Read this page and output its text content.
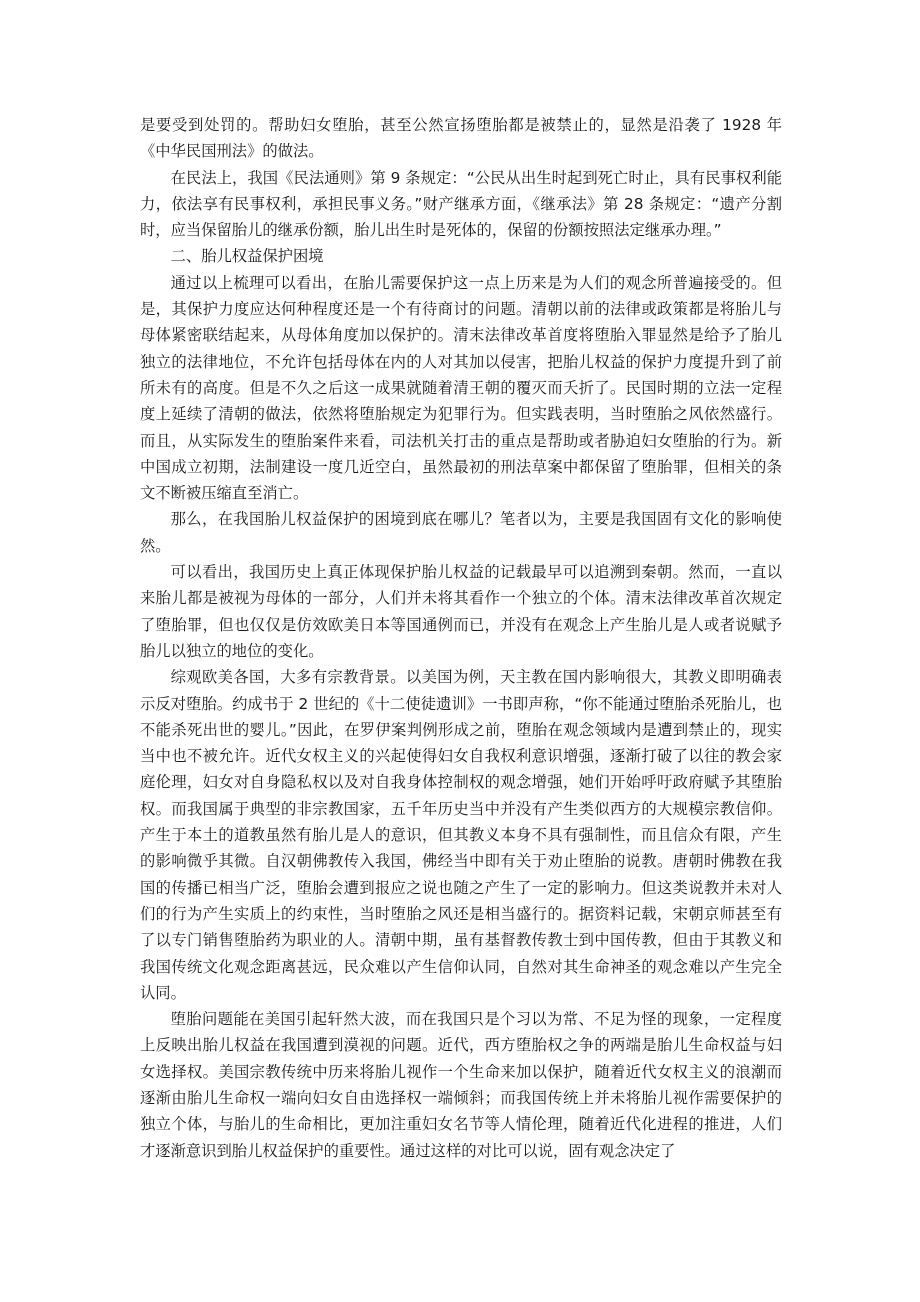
是要受到处罚的。帮助妇女堕胎，甚至公然宣扬堕胎都是被禁止的，显然是沿袭了 1928 年《中华民国刑法》的做法。

在民法上，我国《民法通则》第 9 条规定：“公民从出生时起到死亡时止，具有民事权利能力，依法享有民事权利，承担民事义务。”财产继承方面，《继承法》第 28 条规定：“遗产分割时，应当保留胎儿的继承份额，胎儿出生时是死体的，保留的份额按照法定继承办理。”

二、胎儿权益保护困境

通过以上梳理可以看出，在胎儿需要保护这一点上历来是为人们的观念所普遍接受的。但是，其保护力度应达何种程度还是一个有待商讨的问题。清朝以前的法律或政策都是将胎儿与母体紧密联结起来，从母体角度加以保护的。清末法律改革首度将堕胎入罪显然是给予了胎儿独立的法律地位，不允许包括母体在内的人对其加以侵害，把胎儿权益的保护力度提升到了前所未有的高度。但是不久之后这一成果就随着清王朝的覆灭而夭折了。民国时期的立法一定程度上延续了清朝的做法，依然将堕胎规定为犯罪行为。但实践表明，当时堕胎之风依然盛行。而且，从实际发生的堕胎案件来看，司法机关打击的重点是帮助或者胁迫妇女堕胎的行为。新中国成立初期，法制建设一度几近空白，虽然最初的刑法草案中都保留了堕胎罪，但相关的条文不断被压缩直至消亡。

那么，在我国胎儿权益保护的困境到底在哪儿？笔者以为，主要是我国固有文化的影响使然。

可以看出，我国历史上真正体现保护胎儿权益的记载最早可以追溯到秦朝。然而，一直以来胎儿都是被视为母体的一部分，人们并未将其看作一个独立的个体。清末法律改革首次规定了堕胎罪，但也仅仅是仿效欧美日本等国通例而已，并没有在观念上产生胎儿是人或者说赋予胎儿以独立的地位的变化。

综观欧美各国，大多有宗教背景。以美国为例，天主教在国内影响很大，其教义即明确表示反对堕胎。约成书于 2 世纪的《十二使徒遗训》一书即声称，“你不能通过堕胎杀死胎儿，也不能杀死出世的婴儿。”因此，在罗伊案判例形成之前，堕胎在观念领域内是遭到禁止的，现实当中也不被允许。近代女权主义的兴起使得妇女自我权利意识增强，逐渐打破了以往的教会家庭伦理，妇女对自身隐私权以及对自我身体控制权的观念增强，她们开始呼吁政府赋予其堕胎权。而我国属于典型的非宗教国家，五千年历史当中并没有产生类似西方的大规模宗教信仰。产生于本土的道教虽然有胎儿是人的意识，但其教义本身不具有强制性，而且信众有限，产生的影响微乎其微。自汉朝佛教传入我国，佛经当中即有关于劝止堕胎的说教。唐朝时佛教在我国的传播已相当广泛，堕胎会遭到报应之说也随之产生了一定的影响力。但这类说教并未对人们的行为产生实质上的约束性，当时堕胎之风还是相当盛行的。据资料记载，宋朝京师甚至有了以专门销售堕胎药为职业的人。清朝中期，虽有基督教传教士到中国传教，但由于其教义和我国传统文化观念距离甚远，民众难以产生信仰认同，自然对其生命神圣的观念难以产生完全认同。

堕胎问题能在美国引起轩然大波，而在我国只是个习以为常、不足为怪的现象，一定程度上反映出胎儿权益在我国遭到漠视的问题。近代，西方堕胎权之争的两端是胎儿生命权益与妇女选择权。美国宗教传统中历来将胎儿视作一个生命来加以保护，随着近代女权主义的浪潮而逐渐由胎儿生命权一端向妇女自由选择权一端倾斜；而我国传统上并未将胎儿视作需要保护的独立个体，与胎儿的生命相比，更加注重妇女名节等人情伦理，随着近代化进程的推进，人们才逐渐意识到胎儿权益保护的重要性。通过这样的对比可以说，固有观念决定了
